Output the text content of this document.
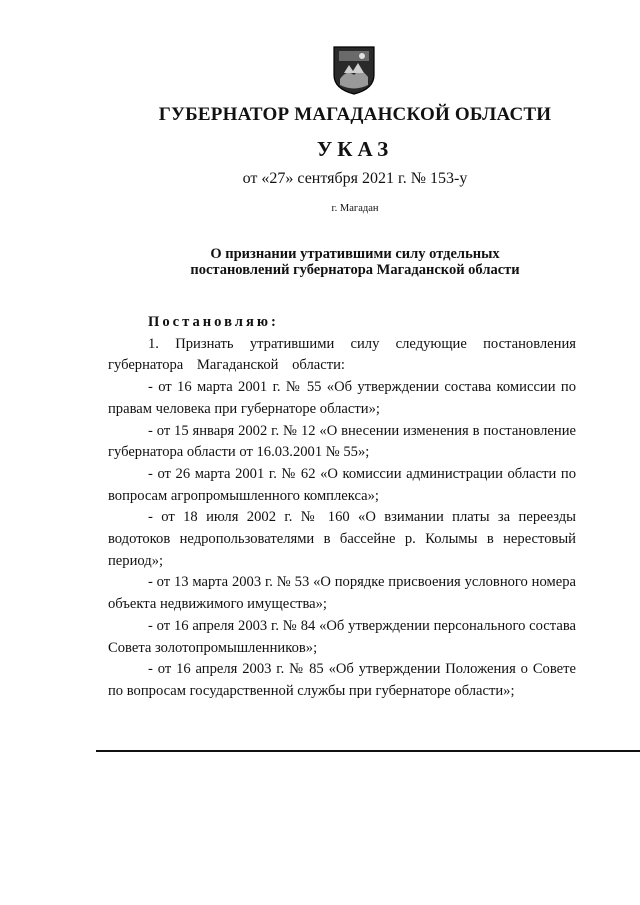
ГУБЕРНАТОР МАГАДАНСКОЙ ОБЛАСТИ
УКАЗ
от «27» сентября 2021 г. № 153-у
г. Магадан
О признании утратившими силу отдельных
постановлений губернатора Магаданской области

Постановляю:

1. Признать утратившими силу следующие постановления губернатора Магаданской области:

- от 16 марта 2001 г. № 55 «Об утверждении состава комиссии по правам человека при губернаторе области»;

- от 15 января 2002 г. № 12 «О внесении изменения в постановление губернатора области от 16.03.2001 № 55»;

- от 26 марта 2001 г. № 62 «О комиссии администрации области по вопросам агропромышленного комплекса»;

- от 18 июля 2002 г. № 160 «О взимании платы за переезды водотоков недропользователями в бассейне р. Колымы в нерестовый период»;

- от 13 марта 2003 г. № 53 «О порядке присвоения условного номера объекта недвижимого имущества»;

- от 16 апреля 2003 г. № 84 «Об утверждении персонального состава Совета золотопромышленников»;

- от 16 апреля 2003 г. № 85 «Об утверждении Положения о Совете по вопросам государственной службы при губернаторе области»;
